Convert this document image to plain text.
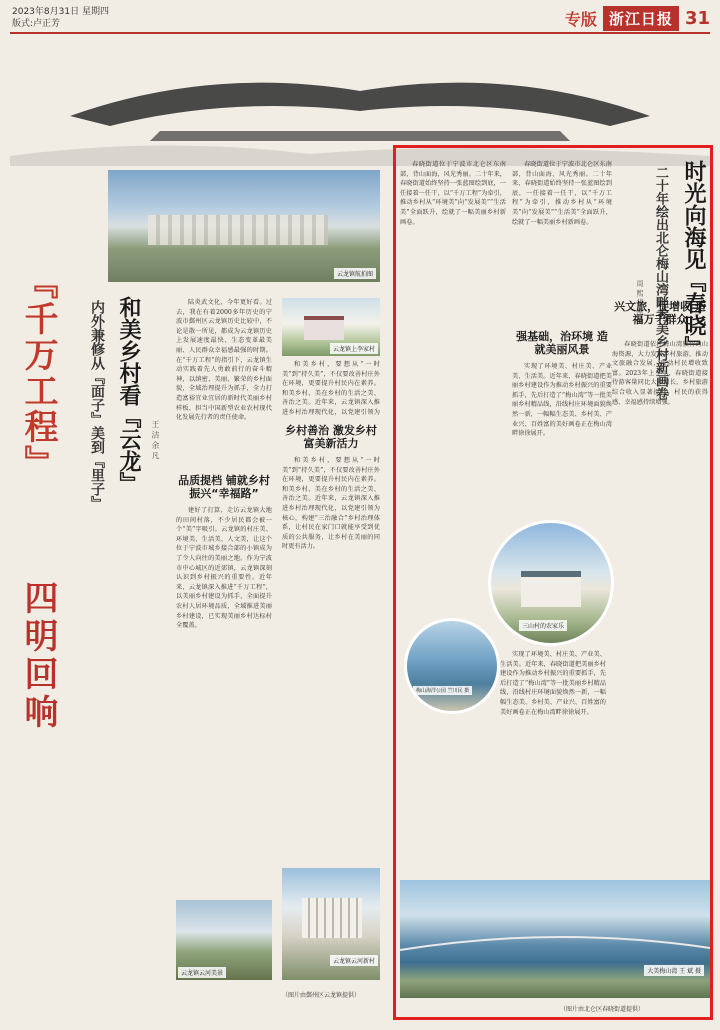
2023年8月31日 星期四
版式:卢正芳	专版 浙江日报 31
『千万工程』
四明回响
云龙镇航拍图
和美乡村看『云龙』
内外兼修从『面子』美到『里子』	王 洁 余 凡

陆炎武文化，今年更好看。过去，我在有着2000多年历史的宁波市鄞州区云龙镇历史比较中，不论是散一所见，都成为云龙镇历史上发展速度最快、生态变革最美丽、人民群众幸福感最强的时期。在“千万工程”的指引下，云龙镇生动实践着先人勇敢前行的奋斗精神，以缜密、美丽、繁荣的乡村面貌，全域治理提升为抓手，全力打造富裕宜业宜居的新时代美丽乡村样板，担当中国新型农业农村现代化发展先行者的责任使命。

云龙镇上李家村

和美乡村，要想从“一时美”到“持久美”，不仅要改善村庄外在环境，更要提升村民内在素养。和美乡村，美在乡村的生活之美、善治之美。近年来，云龙镇深入推进乡村治理现代化，以党建引领为

品质提档 铺就乡村振兴“幸福路”

建好了打算，走访云龙镇大地的田间村落，不少居民都会被一个“美”字吸引。云龙镇的村庄美、环境美、生活美、人文美，让这个位于宁波市城乡接合部的小镇成为了令人向往的美丽之地。作为宁波市中心城区的近郊镇，云龙镇深刻认识到乡村振兴的重要性。近年来，云龙镇深入推进“千万工程”，以美丽乡村建设为抓手，全面提升农村人居环境品质，全域推进美丽乡村建设，已实现美丽乡村达标村全覆盖。

乡村善治 激发乡村富美新活力

和美乡村，要想从“一时美”到“持久美”，不仅要改善村庄外在环境，更要提升村民内在素养。和美乡村，美在乡村的生活之美、善治之美。近年来，云龙镇深入推进乡村治理现代化，以党建引领为核心，构建“三治融合”乡村治理体系，让村民在家门口就能享受到优质的公共服务，让乡村在美丽的同时更有活力。

云龙镇云河美景
云龙镇云河新村
（图片由鄞州区云龙镇提供）
时光向海见『春晓』
二十年绘出北仑梅山湾畔秀美乡村新画卷
周 熙 华 凯 峰

春晓街道位于宁波市北仑区东南部，背山面海，风光秀丽。二十年来，春晓街道始终坚持一张蓝图绘到底，一任接着一任干，以“千万工程”为牵引，推动乡村从“环境美”向“发展美”“生活美”全面跃升，绘就了一幅美丽乡村新画卷。

强基础，治环境 造就美丽风景

实现了环境美、村庄美、产业美、生活美。近年来，春晓街道把美丽乡村建设作为推动乡村振兴的重要抓手，先后打造了“梅山湾”等一批美丽乡村精品线，沿线村庄环境面貌焕然一新，一幅幅生态美、乡村美、产业兴、百姓富的美好画卷正在梅山湾畔徐徐展开。

春晓街道位于宁波市北仑区东南部，背山面海，风光秀丽。二十年来，春晓街道始终坚持一张蓝图绘到底，一任接着一任干，以“千万工程”为牵引，推动乡村从“环境美”向“发展美”“生活美”全面跃升，绘就了一幅美丽乡村新画卷。

兴文旅，促增收 造福万千群众

春晓街道依托梅山湾独特的山海资源，大力发展乡村旅游，推动文旅融合发展，带动村民增收致富。2023年上半年，春晓街道接待游客量同比大幅增长，乡村旅游综合收入显著提升，村民的获得感、幸福感持续增强。

三山村的农家乐
梅山海洋公园 竺川民 摄

实现了环境美、村庄美、产业美、生活美。近年来，春晓街道把美丽乡村建设作为推动乡村振兴的重要抓手，先后打造了“梅山湾”等一批美丽乡村精品线，沿线村庄环境面貌焕然一新，一幅幅生态美、乡村美、产业兴、百姓富的美好画卷正在梅山湾畔徐徐展开。

大美梅山湾 王 斌 摄
（图片由北仑区春晓街道提供）
